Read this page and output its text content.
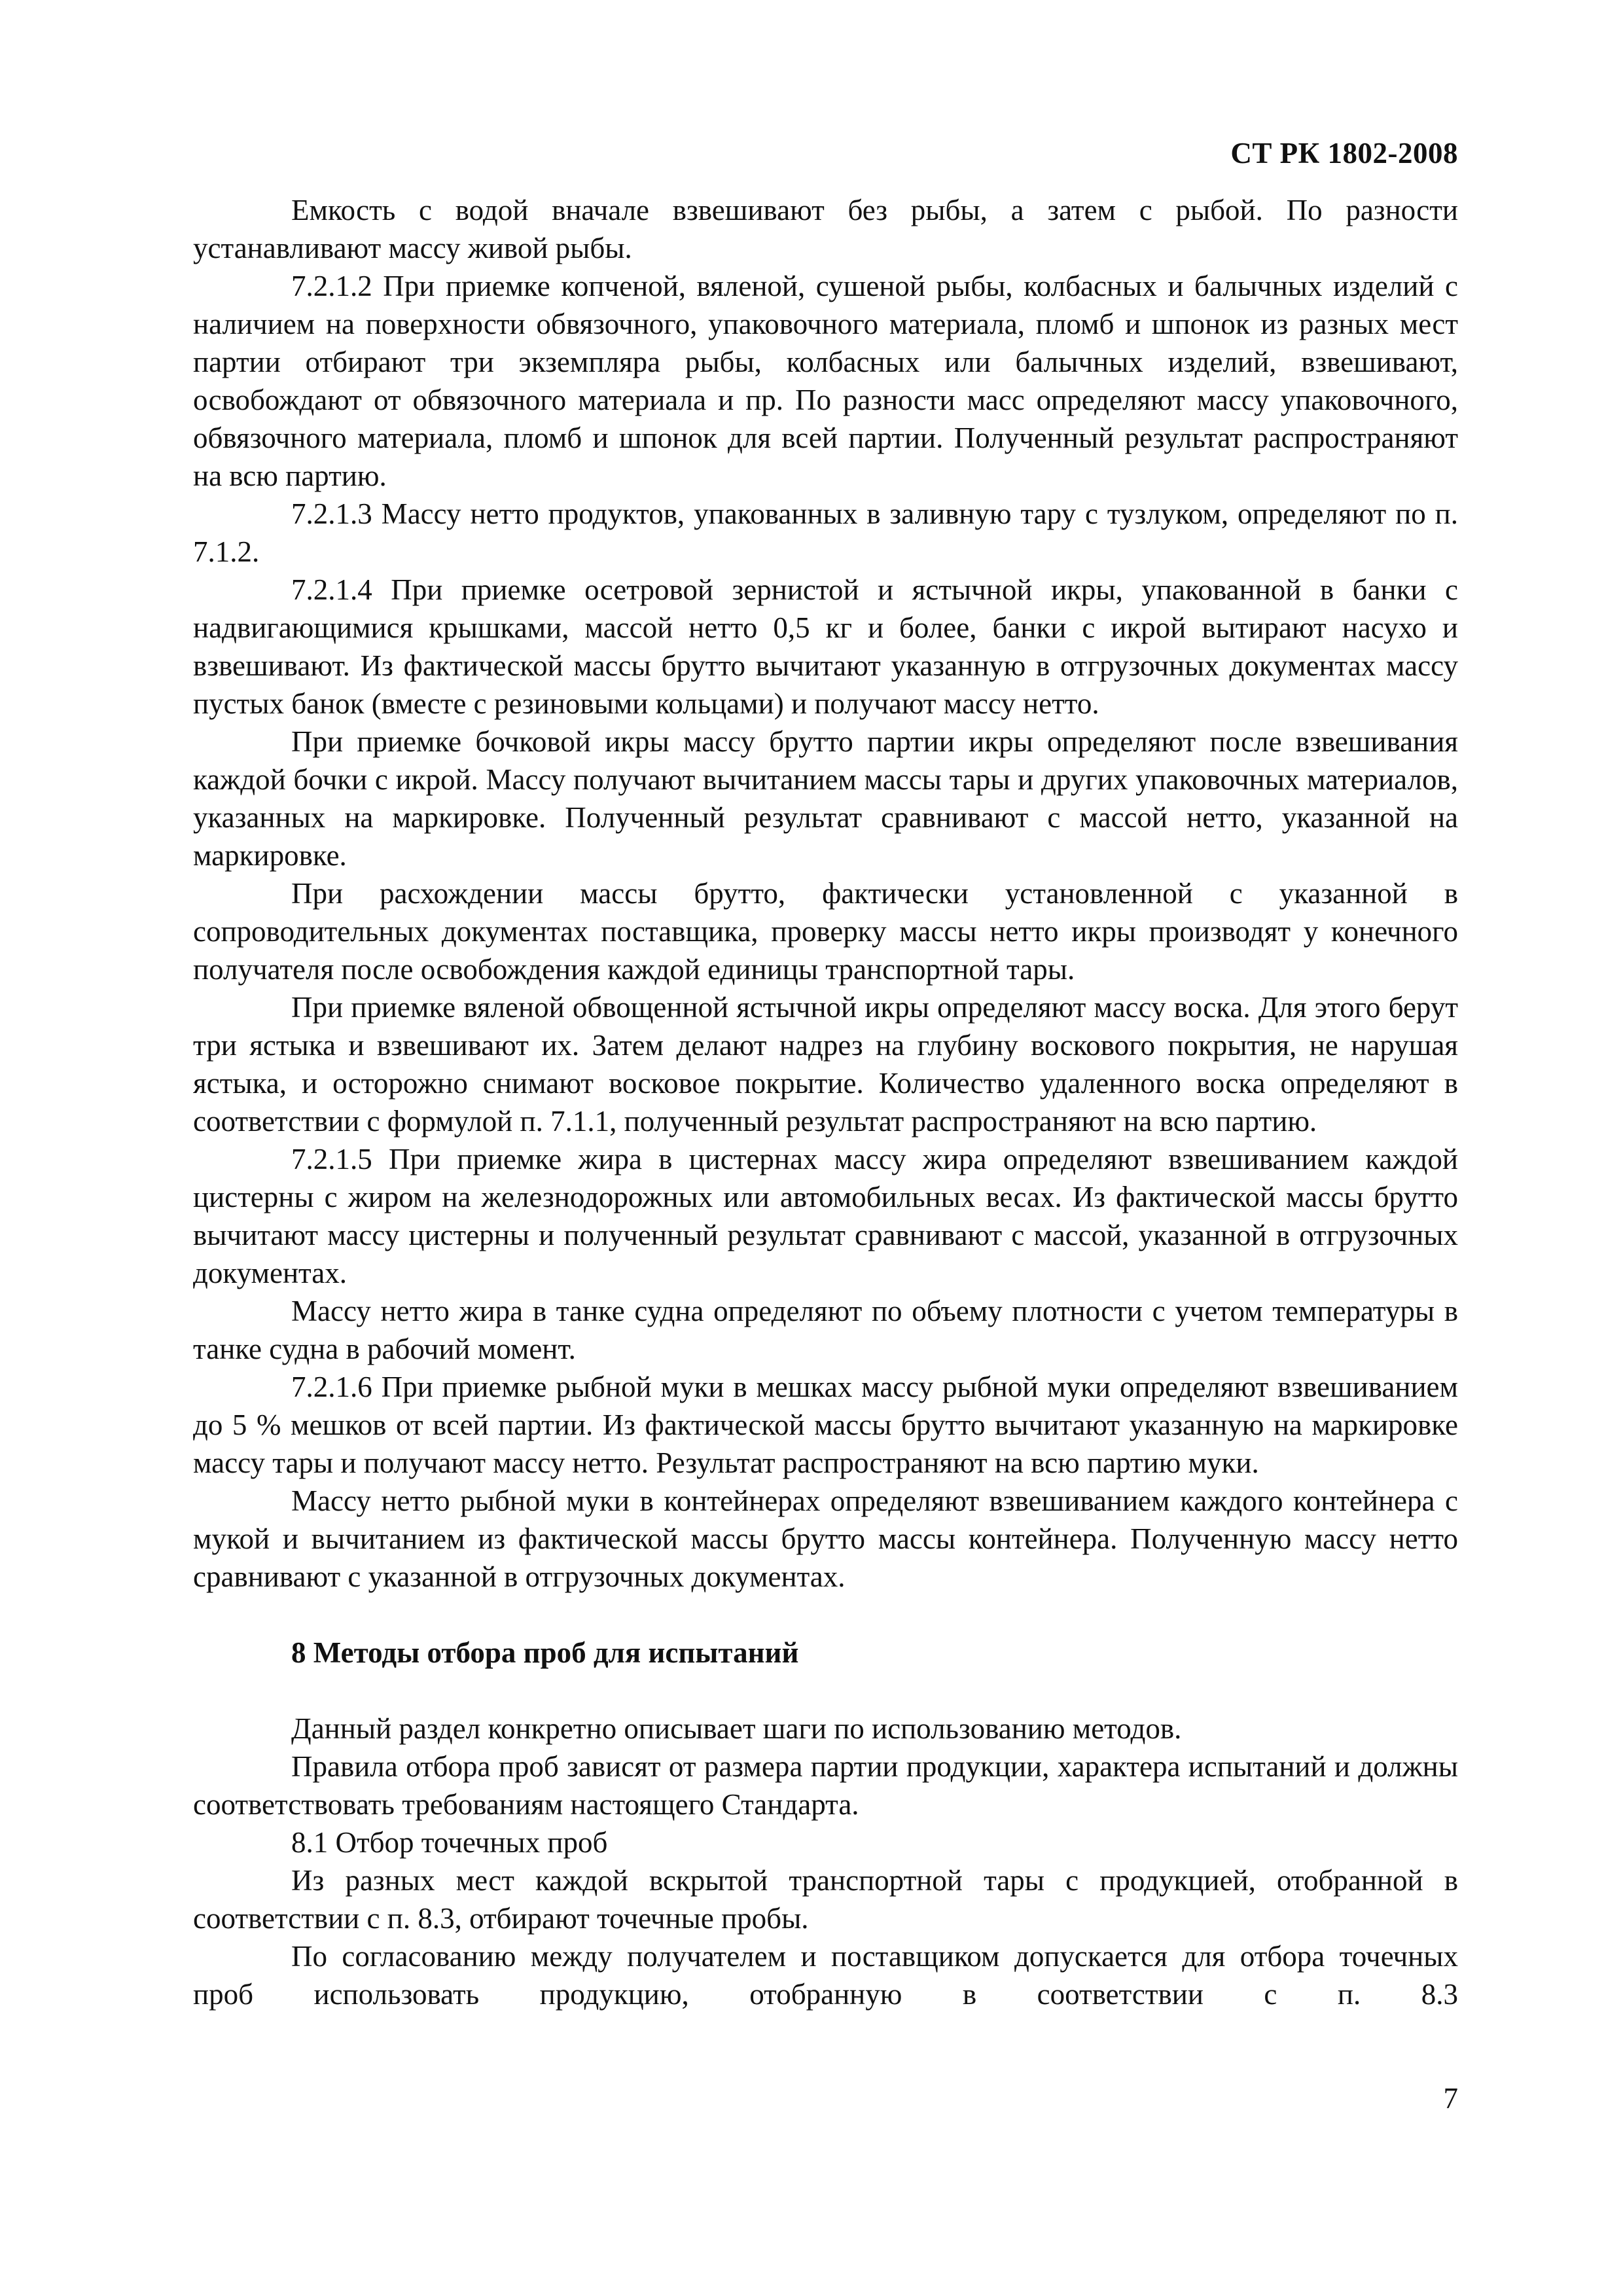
СТ РК 1802-2008

Емкость с водой вначале взвешивают без рыбы, а затем с рыбой. По разности устанавливают массу живой рыбы.

7.2.1.2 При приемке копченой, вяленой, сушеной рыбы, колбасных и балычных изделий с наличием на поверхности обвязочного, упаковочного материала, пломб и шпонок из разных мест партии отбирают три экземпляра рыбы, колбасных или балычных изделий, взвешивают, освобождают от обвязочного материала и пр. По разности масс определяют массу упаковочного, обвязочного материала, пломб и шпонок для всей партии. Полученный результат распространяют на всю партию.

7.2.1.3 Массу нетто продуктов, упакованных в заливную тару с тузлуком, определяют по п. 7.1.2.

7.2.1.4 При приемке осетровой зернистой и ястычной икры, упакованной в банки с надвигающимися крышками, массой нетто 0,5 кг и более, банки с икрой вытирают насухо и взвешивают. Из фактической массы брутто вычитают указанную в отгрузочных документах массу пустых банок (вместе с резиновыми кольцами) и получают массу нетто.

При приемке бочковой икры массу брутто партии икры определяют после взвешивания каждой бочки с икрой. Массу получают вычитанием массы тары и других упаковочных материалов, указанных на маркировке. Полученный результат сравнивают с массой нетто, указанной на маркировке.

При расхождении массы брутто, фактически установленной с указанной в сопроводительных документах поставщика, проверку массы нетто икры производят у конечного получателя после освобождения каждой единицы транспортной тары.

При приемке вяленой обвощенной ястычной икры определяют массу воска. Для этого берут три ястыка и взвешивают их. Затем делают надрез на глубину воскового покрытия, не нарушая ястыка, и осторожно снимают восковое покрытие. Количество удаленного воска определяют в соответствии с формулой п. 7.1.1, полученный результат распространяют на всю партию.

7.2.1.5 При приемке жира в цистернах массу жира определяют взвешиванием каждой цистерны с жиром на железнодорожных или автомобильных весах. Из фактической массы брутто вычитают массу цистерны и полученный результат сравнивают с массой, указанной в отгрузочных документах.

Массу нетто жира в танке судна определяют по объему плотности с учетом температуры в танке судна в рабочий момент.

7.2.1.6 При приемке рыбной муки в мешках массу рыбной муки определяют взвешиванием до 5 % мешков от всей партии. Из фактической массы брутто вычитают указанную на маркировке массу тары и получают массу нетто. Результат распространяют на всю партию муки.

Массу нетто рыбной муки в контейнерах определяют взвешиванием каждого контейнера с мукой и вычитанием из фактической массы брутто массы контейнера. Полученную массу нетто сравнивают с указанной в отгрузочных документах.

8 Методы отбора проб для испытаний

Данный раздел конкретно описывает шаги по использованию методов.

Правила отбора проб зависят от размера партии продукции, характера испытаний и должны соответствовать требованиям настоящего Стандарта.

8.1 Отбор точечных проб

Из разных мест каждой вскрытой транспортной тары с продукцией, отобранной в соответствии с п. 8.3, отбирают точечные пробы.

По согласованию между получателем и поставщиком допускается для отбора точечных проб использовать продукцию, отобранную в соответствии с п. 8.3

7
